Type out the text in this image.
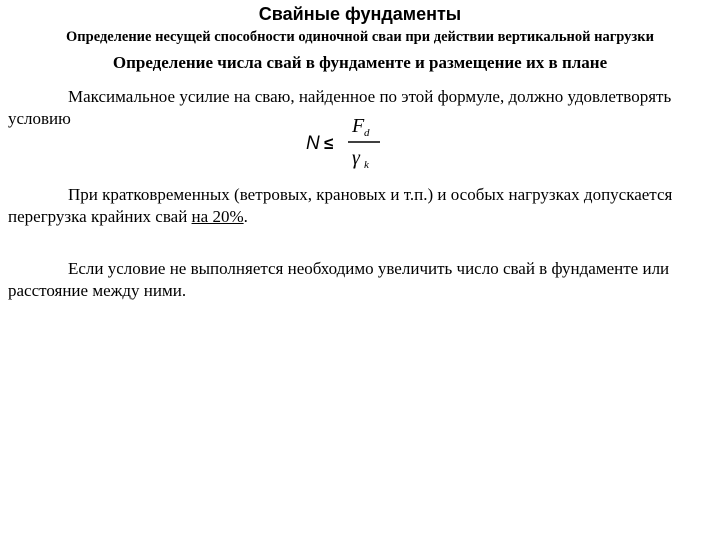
Свайные фундаменты
Определение несущей способности одиночной сваи при действии вертикальной нагрузки
Определение числа свай в фундаменте и размещение их в плане

Максимальное усилие на сваю, найденное по этой формуле, должно удовлетворять условию

N ≤
F d
γ k

При кратковременных (ветровых, крановых и т.п.) и особых нагрузках допускается перегрузка крайних свай на 20%.

Если условие не выполняется необходимо увеличить число свай в фундаменте или расстояние между ними.
